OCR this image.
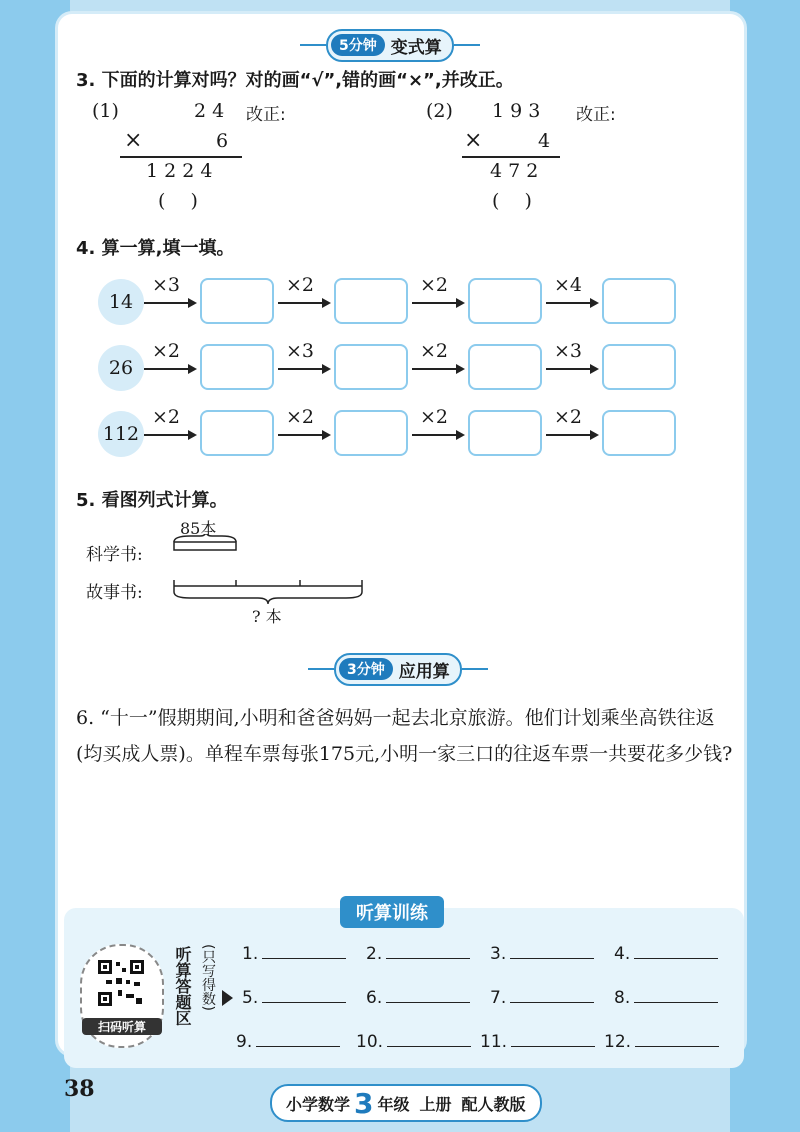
5分钟 变式算
3. 下面的计算对吗？对的画“√”,错的画“×”,并改正。
(1)	2 4 改正:
×	6
1 2 2 4
(　 )
(2) 1 9 3 改正:
×	4
4 7 2
(　 )
4. 算一算,填一填。
14
×3	×2	×2	×4
26
×2	×3	×2	×3
112
×2	×2	×2	×2
5. 看图列式计算。
科学书:
85本
故事书:
? 本
3分钟 应用算
6. “十一”假期期间,小明和爸爸妈妈一起去北京旅游。他们计划乘坐高铁往返(均买成人票)。单程车票每张175元,小明一家三口的往返车票一共要花多少钱?
听算训练
扫码听算
听算答题区 (只写得数) 1.	2.	3.	4.
5.	6.	7.	8.
9.	10.	11.	12.
38
小学数学 3 年级 上册 配人教版
